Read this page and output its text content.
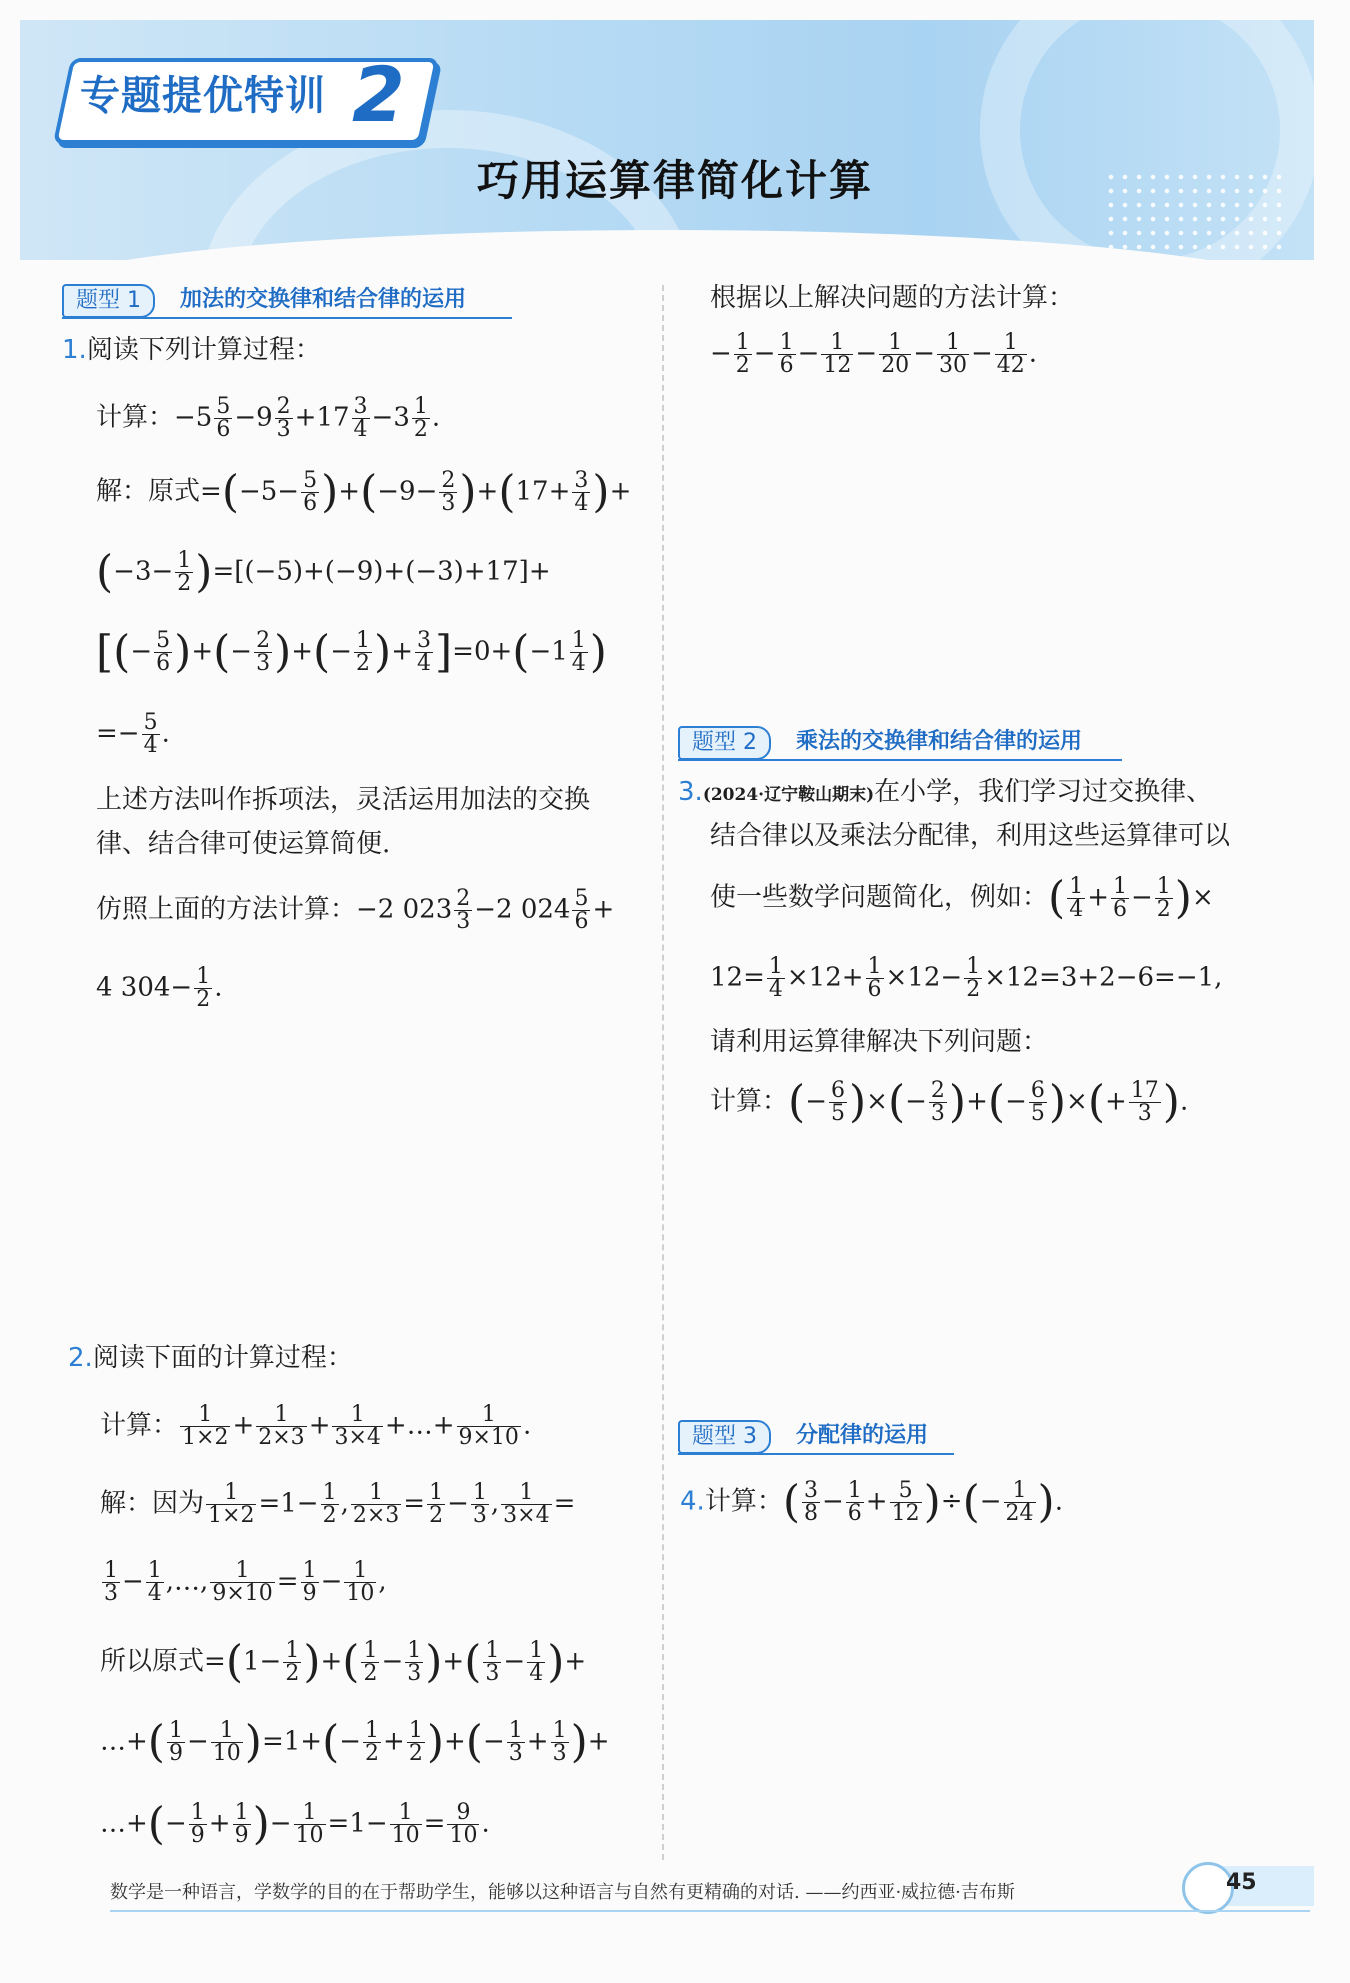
专题提优特训 2
巧用运算律简化计算
题型 1	加法的交换律和结合律的运用
1.阅读下列计算过程：
计算：$-5 \frac{5}{6} -9 \frac{2}{3} +17 \frac{3}{4} -3 \frac{1}{2}$ .
解：原式$=(-5- \frac{5}{6} )+(-9- \frac{2}{3} )+(17+ \frac{3}{4}$ )+
$(-3- \frac{1}{2} )=[(-5)+(-9)+(-3)+17]+$
[(− $\frac{5}{6}$ )+(− $\frac{2}{3}$ )+(− $\frac{1}{2}$ )+ $\frac{3}{4} ]=0+(-1 \frac{1}{4}$ )
=− $\frac{5}{4}$ .
上述方法叫作拆项法，灵活运用加法的交换
律、结合律可使运算简便.
仿照上面的方法计算：−2 $023 \frac{2}{3} -2$ $024 \frac{5}{6}$ +
4 $304- \frac{1}{2}$ .
2.阅读下面的计算过程：
计算： $\frac{1}{1\times 2} + \frac{1}{2\times 3} + \frac{1}{3\times 4}$ +…+ $\frac{1}{9\times 10}$ .
解：因为 $\frac{1}{1\times 2} =1- \frac{1}{2}$ , $\frac{1}{2\times 3} = \frac{1}{2} - \frac{1}{3}$ , $\frac{1}{3\times 4}$ =
$\frac{1}{3} - \frac{1}{4}$ ,…, $\frac{1}{9\times 10} = \frac{1}{9} - \frac{1}{10}$ ,
所以原式$=(1- \frac{1}{2}$ )+( $\frac{1}{2} - \frac{1}{3}$ )+( $\frac{1}{3} - \frac{1}{4}$ )+
…+( $\frac{1}{9} - \frac{1}{10} )=1+(- \frac{1}{2} + \frac{1}{2}$ )+(− $\frac{1}{3} + \frac{1}{3}$ )+
…+(− $\frac{1}{9} + \frac{1}{9}$ )− $\frac{1}{10} =1- \frac{1}{10} = \frac{9}{10}$ .
根据以上解决问题的方法计算：
− $\frac{1}{2} - \frac{1}{6} - \frac{1}{12} - \frac{1}{20} - \frac{1}{30} - \frac{1}{42}$ .
题型 2	乘法的交换律和结合律的运用
3.(2024·辽宁鞍山期末)在小学，我们学习过交换律、
结合律以及乘法分配律，利用这些运算律可以
使一些数学问题简化，例如：( $\frac{1}{4} + \frac{1}{6} - \frac{1}{2}$ )×
$12= \frac{1}{4} \times 12+ \frac{1}{6} \times 12- \frac{1}{2} \times 12=3+2-6=-1$,
请利用运算律解决下列问题：
计算：(− $\frac{6}{5}$ )×(− $\frac{2}{3}$ )+(− $\frac{6}{5}$ )×(+ $\frac{17}{3}$ ).
题型 3	分配律的运用
4.计算：( $\frac{3}{8} - \frac{1}{6} + \frac{5}{12}$ )÷(− $\frac{1}{24}$ ).
数学是一种语言，学数学的目的在于帮助学生，能够以这种语言与自然有更精确的对话. ——约西亚·威拉德·吉布斯	45
